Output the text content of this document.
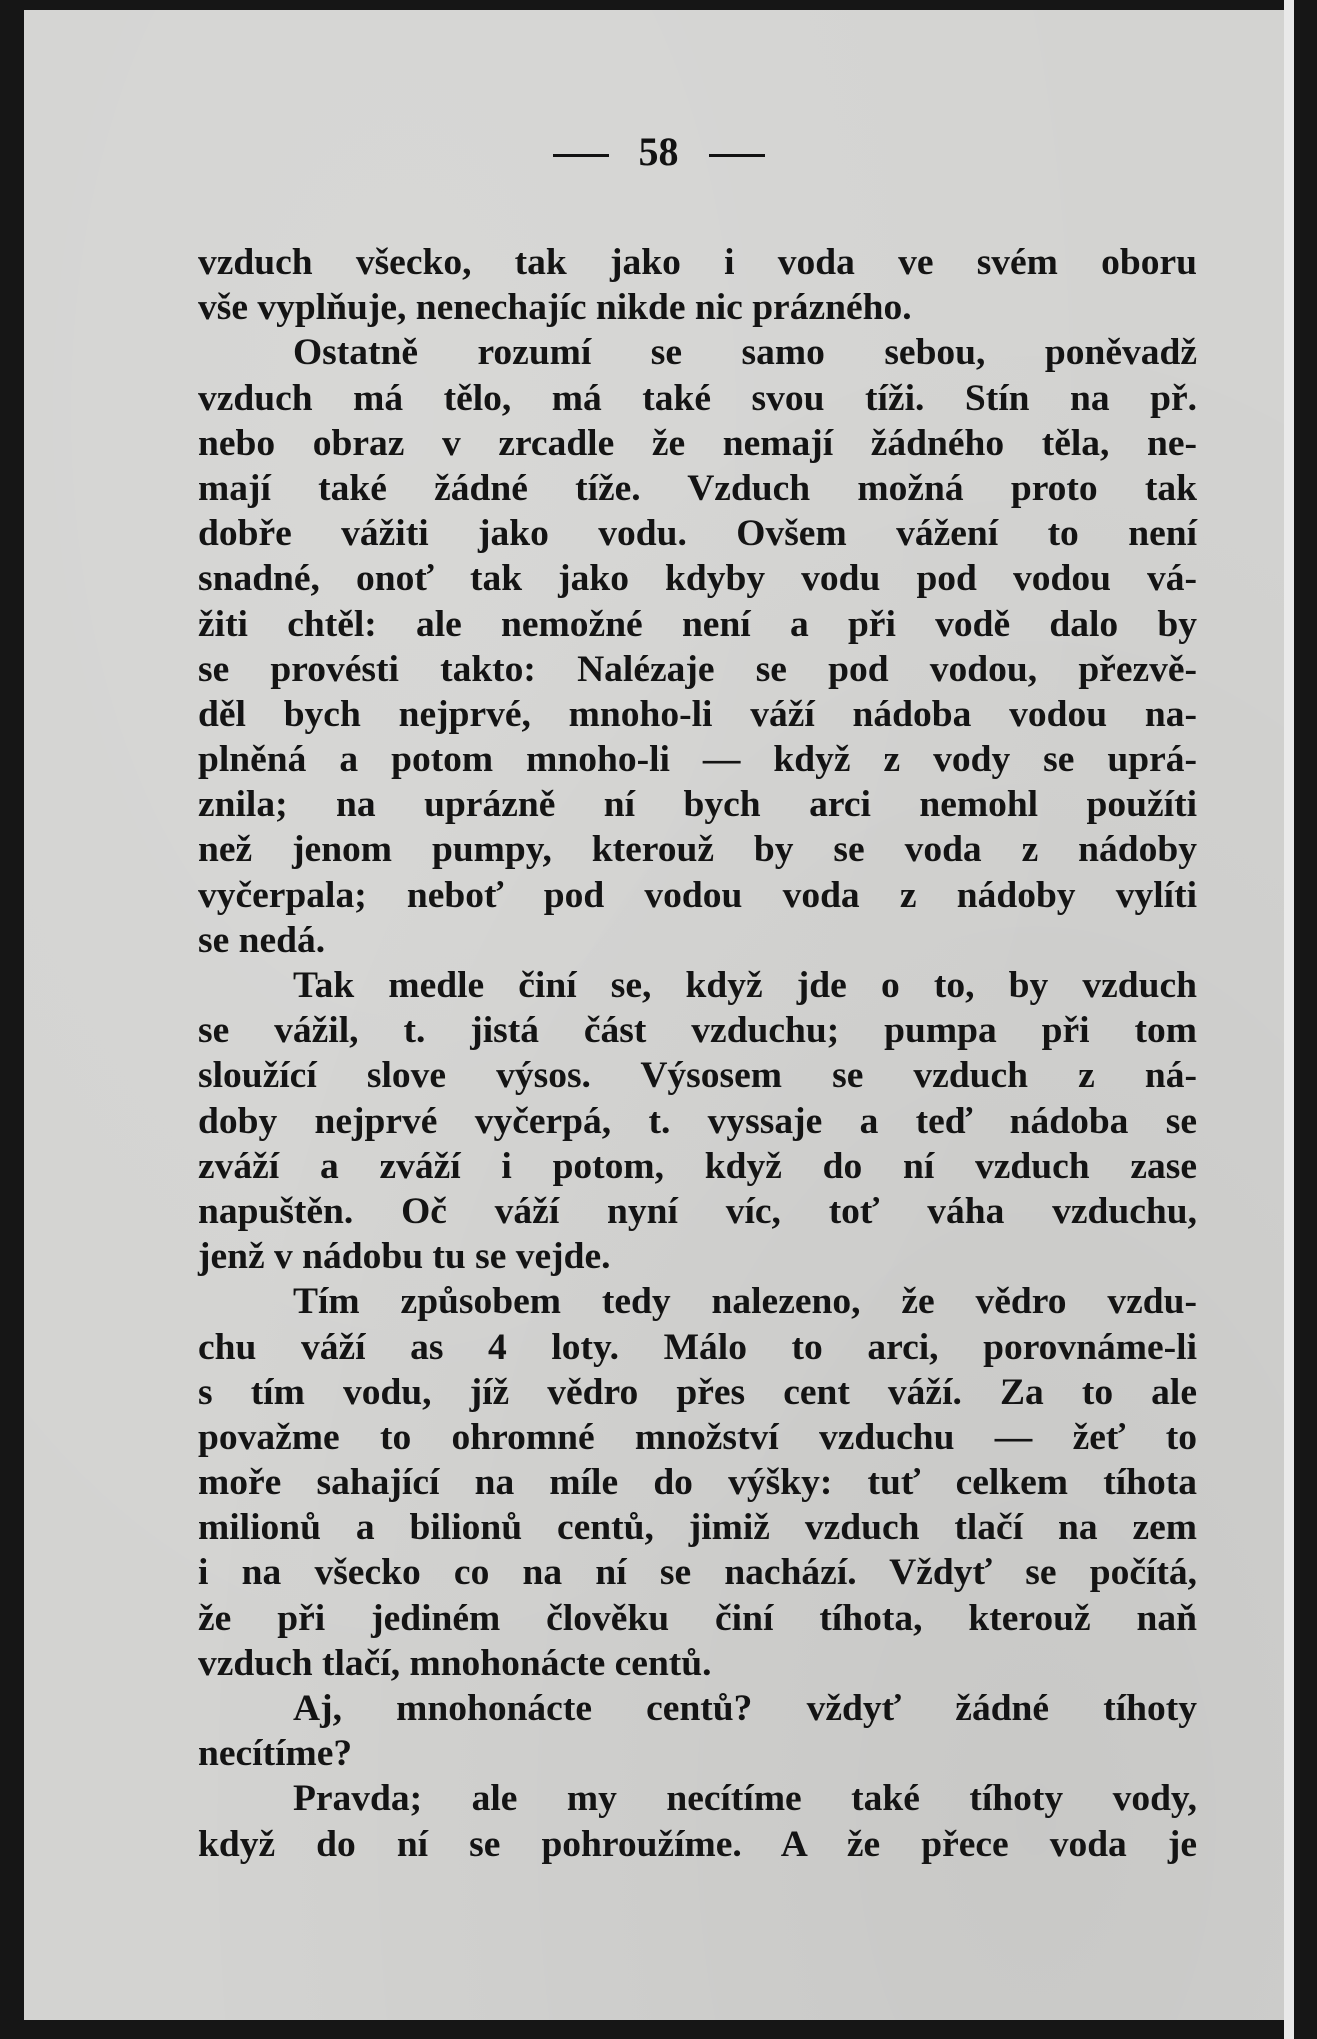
58
vzduch všecko, tak jako i voda ve svém oboru
vše vyplňuje, nenechajíc nikde nic prázného.
Ostatně rozumí se samo sebou, poněvadž
vzduch má tělo, má také svou tíži. Stín na př.
nebo obraz v zrcadle že nemají žádného těla, ne-
mají také žádné tíže. Vzduch možná proto tak
dobře vážiti jako vodu. Ovšem vážení to není
snadné, onoť tak jako kdyby vodu pod vodou vá-
žiti chtěl: ale nemožné není a při vodě dalo by
se provésti takto: Nalézaje se pod vodou, přezvě-
děl bych nejprvé, mnoho-li váží nádoba vodou na-
plněná a potom mnoho-li — když z vody se uprá-
znila; na uprázně ní bych arci nemohl použíti
než jenom pumpy, kterouž by se voda z nádoby
vyčerpala; neboť pod vodou voda z nádoby vylíti
se nedá.
Tak medle činí se, když jde o to, by vzduch
se vážil, t. jistá část vzduchu; pumpa při tom
sloužící slove výsos. Výsosem se vzduch z ná-
doby nejprvé vyčerpá, t. vyssaje a teď nádoba se
zváží a zváží i potom, když do ní vzduch zase
napuštěn. Oč váží nyní víc, toť váha vzduchu,
jenž v nádobu tu se vejde.
Tím způsobem tedy nalezeno, že vědro vzdu-
chu váží as 4 loty. Málo to arci, porovnáme-li
s tím vodu, jíž vědro přes cent váží. Za to ale
považme to ohromné množství vzduchu — žeť to
moře sahající na míle do výšky: tuť celkem tíhota
milionů a bilionů centů, jimiž vzduch tlačí na zem
i na všecko co na ní se nachází. Vždyť se počítá,
že při jediném člověku činí tíhota, kterouž naň
vzduch tlačí, mnohonácte centů.
Aj, mnohonácte centů? vždyť žádné tíhoty
necítíme?
Pravda; ale my necítíme také tíhoty vody,
když do ní se pohroužíme. A že přece voda je
